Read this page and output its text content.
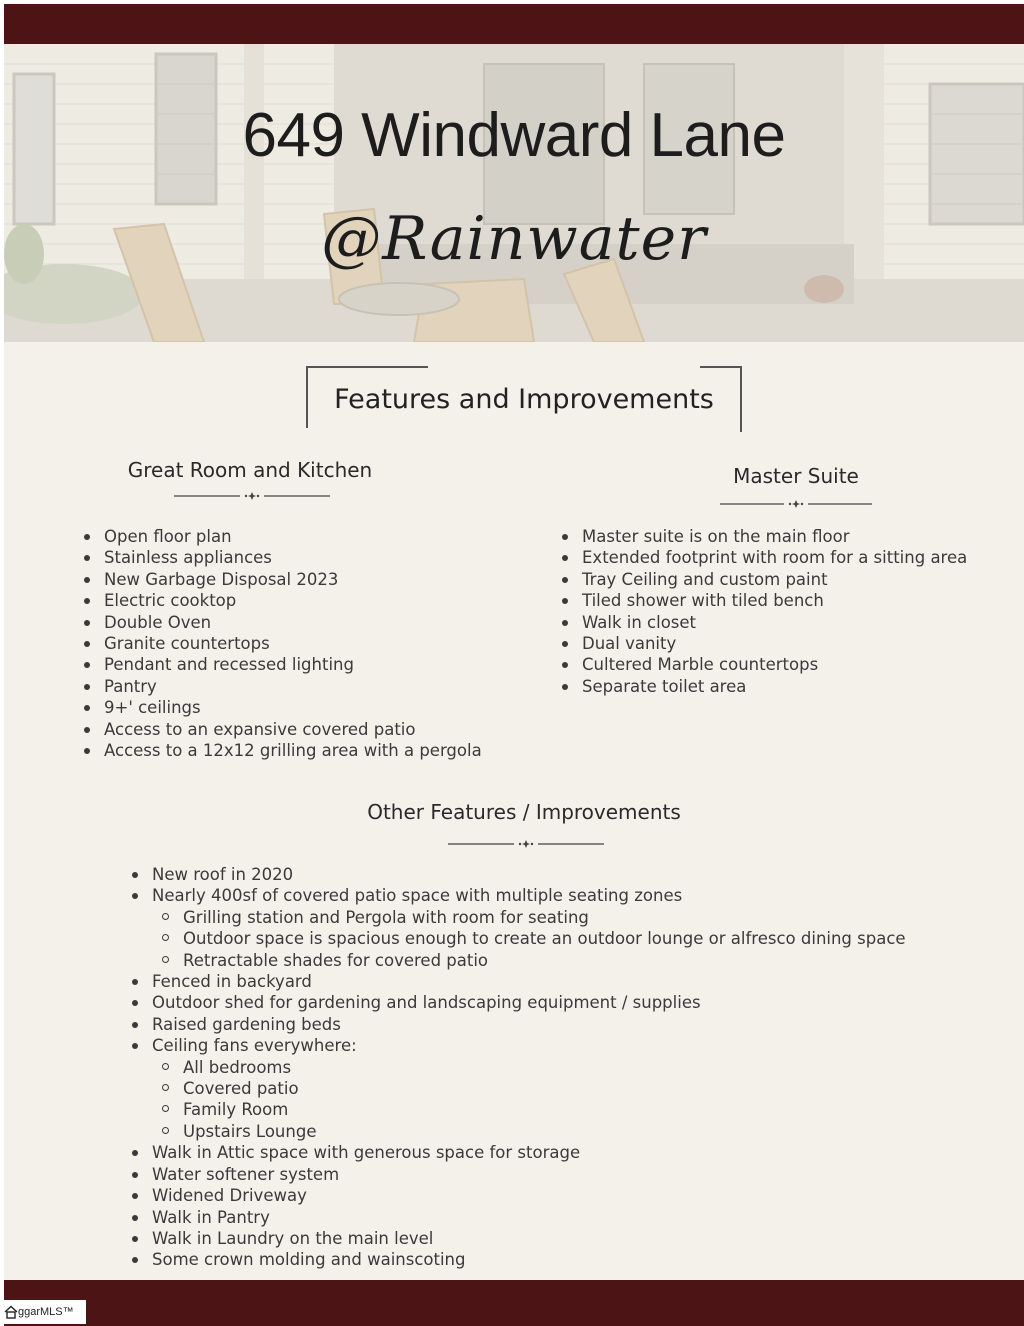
649 Windward Lane
@Rainwater
Features and Improvements
Great Room and Kitchen
Open floor plan
Stainless appliances
New Garbage Disposal 2023
Electric cooktop
Double Oven
Granite countertops
Pendant and recessed lighting
Pantry
9+' ceilings
Access to an expansive covered patio
Access to a 12x12 grilling area with a pergola
Master Suite
Master suite is on the main floor
Extended footprint with room for a sitting area
Tray Ceiling and custom paint
Tiled shower with tiled bench
Walk in closet
Dual vanity
Cultered Marble countertops
Separate toilet area
Other Features / Improvements
New roof in 2020
Nearly 400sf of covered patio space with multiple seating zones
Grilling station and Pergola with room for seating
Outdoor space is spacious enough to create an outdoor lounge or alfresco dining space
Retractable shades for covered patio
Fenced in backyard
Outdoor shed for gardening and landscaping equipment / supplies
Raised gardening beds
Ceiling fans everywhere:
All bedrooms
Covered patio
Family Room
Upstairs Lounge
Walk in Attic space with generous space for storage
Water softener system
Widened Driveway
Walk in Pantry
Walk in Laundry on the main level
Some crown molding and wainscoting
ggarMLS™
